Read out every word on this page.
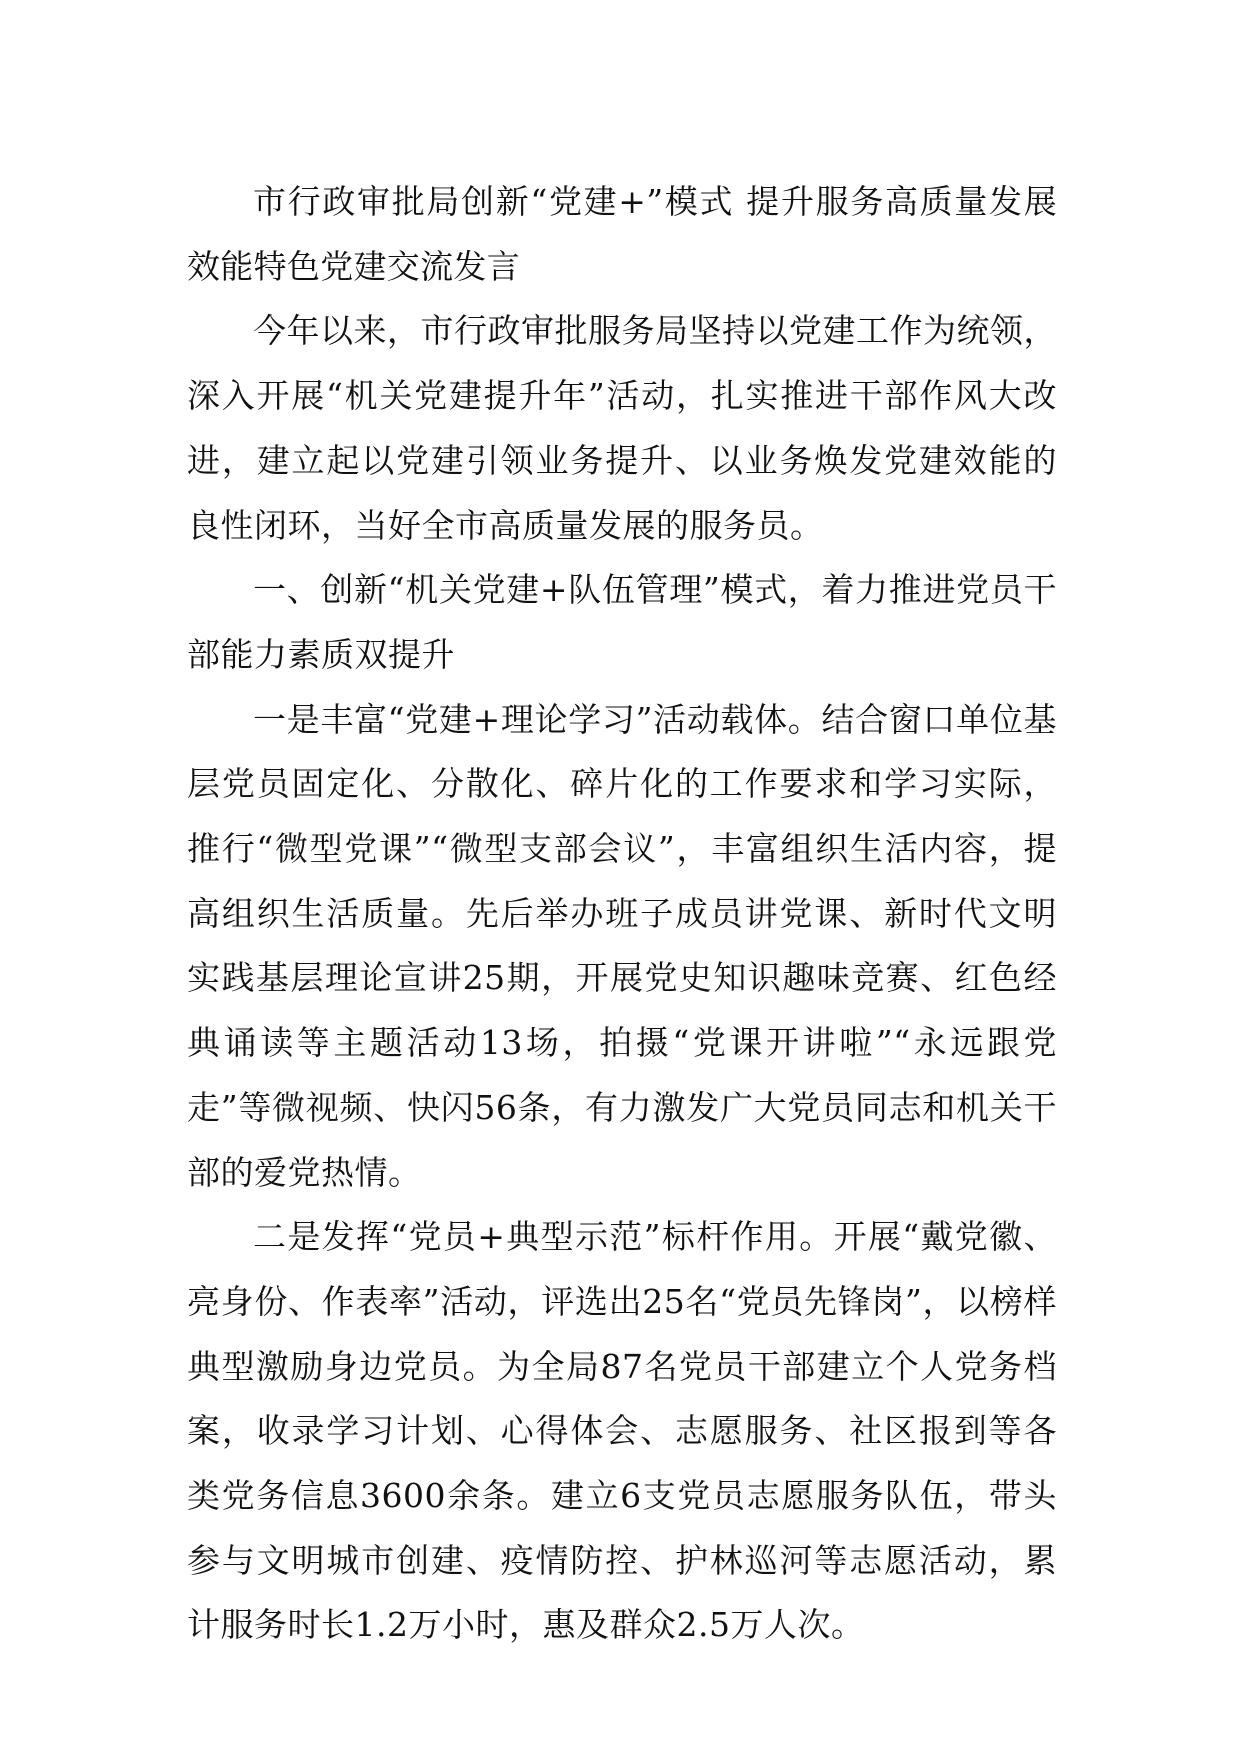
市行政审批局创新“党建+”模式 提升服务高质量发展效能特色党建交流发言

今年以来，市行政审批服务局坚持以党建工作为统领，深入开展“机关党建提升年”活动，扎实推进干部作风大改进，建立起以党建引领业务提升、以业务焕发党建效能的良性闭环，当好全市高质量发展的服务员。

一、创新“机关党建+队伍管理”模式，着力推进党员干部能力素质双提升

一是丰富“党建+理论学习”活动载体。结合窗口单位基层党员固定化、分散化、碎片化的工作要求和学习实际，推行“微型党课”“微型支部会议”，丰富组织生活内容，提高组织生活质量。先后举办班子成员讲党课、新时代文明实践基层理论宣讲25期，开展党史知识趣味竞赛、红色经典诵读等主题活动13场，拍摄“党课开讲啦”“永远跟党走”等微视频、快闪56条，有力激发广大党员同志和机关干部的爱党热情。

二是发挥“党员+典型示范”标杆作用。开展“戴党徽、亮身份、作表率”活动，评选出25名“党员先锋岗”，以榜样典型激励身边党员。为全局87名党员干部建立个人党务档案，收录学习计划、心得体会、志愿服务、社区报到等各类党务信息3600余条。建立6支党员志愿服务队伍，带头参与文明城市创建、疫情防控、护林巡河等志愿活动，累计服务时长1.2万小时，惠及群众2.5万人次。
